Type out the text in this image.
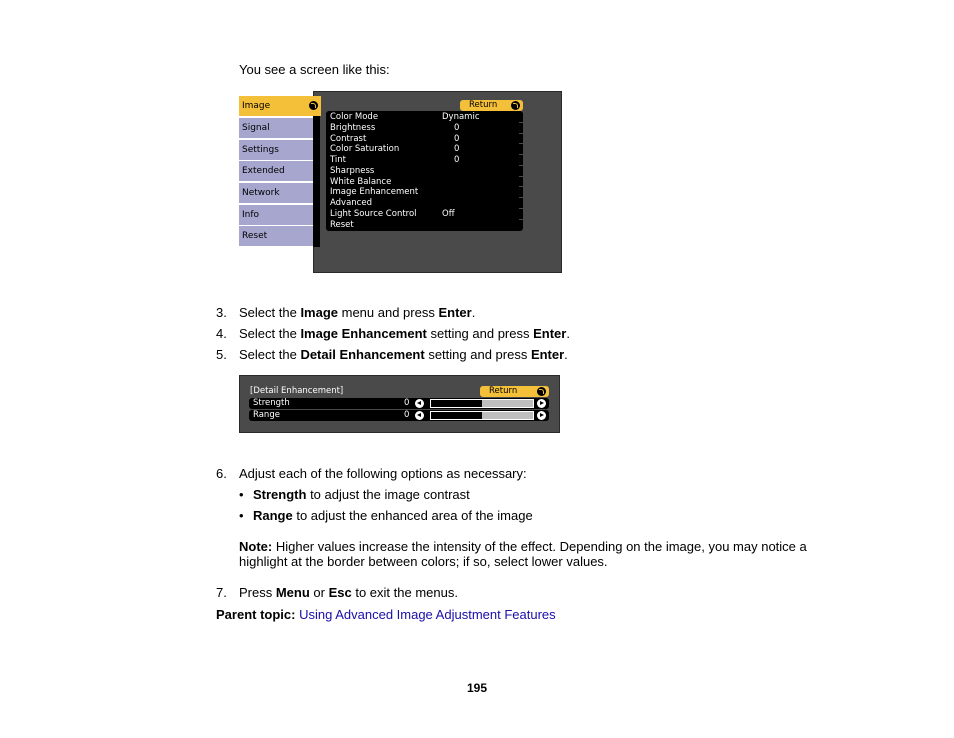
You see a screen like this:
Image
Signal
Settings
Extended
Network
Info
Reset
Return
Color Mode	Dynamic
Brightness	0
Contrast	0
Color Saturation	0
Tint	0
Sharpness
White Balance
Image Enhancement
Advanced
Light Source Control	Off
Reset
3. Select the Image menu and press Enter.
4. Select the Image Enhancement setting and press Enter.
5. Select the Detail Enhancement setting and press Enter.
[Detail Enhancement]	Return
Strength	0
Range	0
6. Adjust each of the following options as necessary:
• Strength to adjust the image contrast
• Range to adjust the enhanced area of the image
Note: Higher values increase the intensity of the effect. Depending on the image, you may notice a highlight at the border between colors; if so, select lower values.
7. Press Menu or Esc to exit the menus.
Parent topic: Using Advanced Image Adjustment Features
195
